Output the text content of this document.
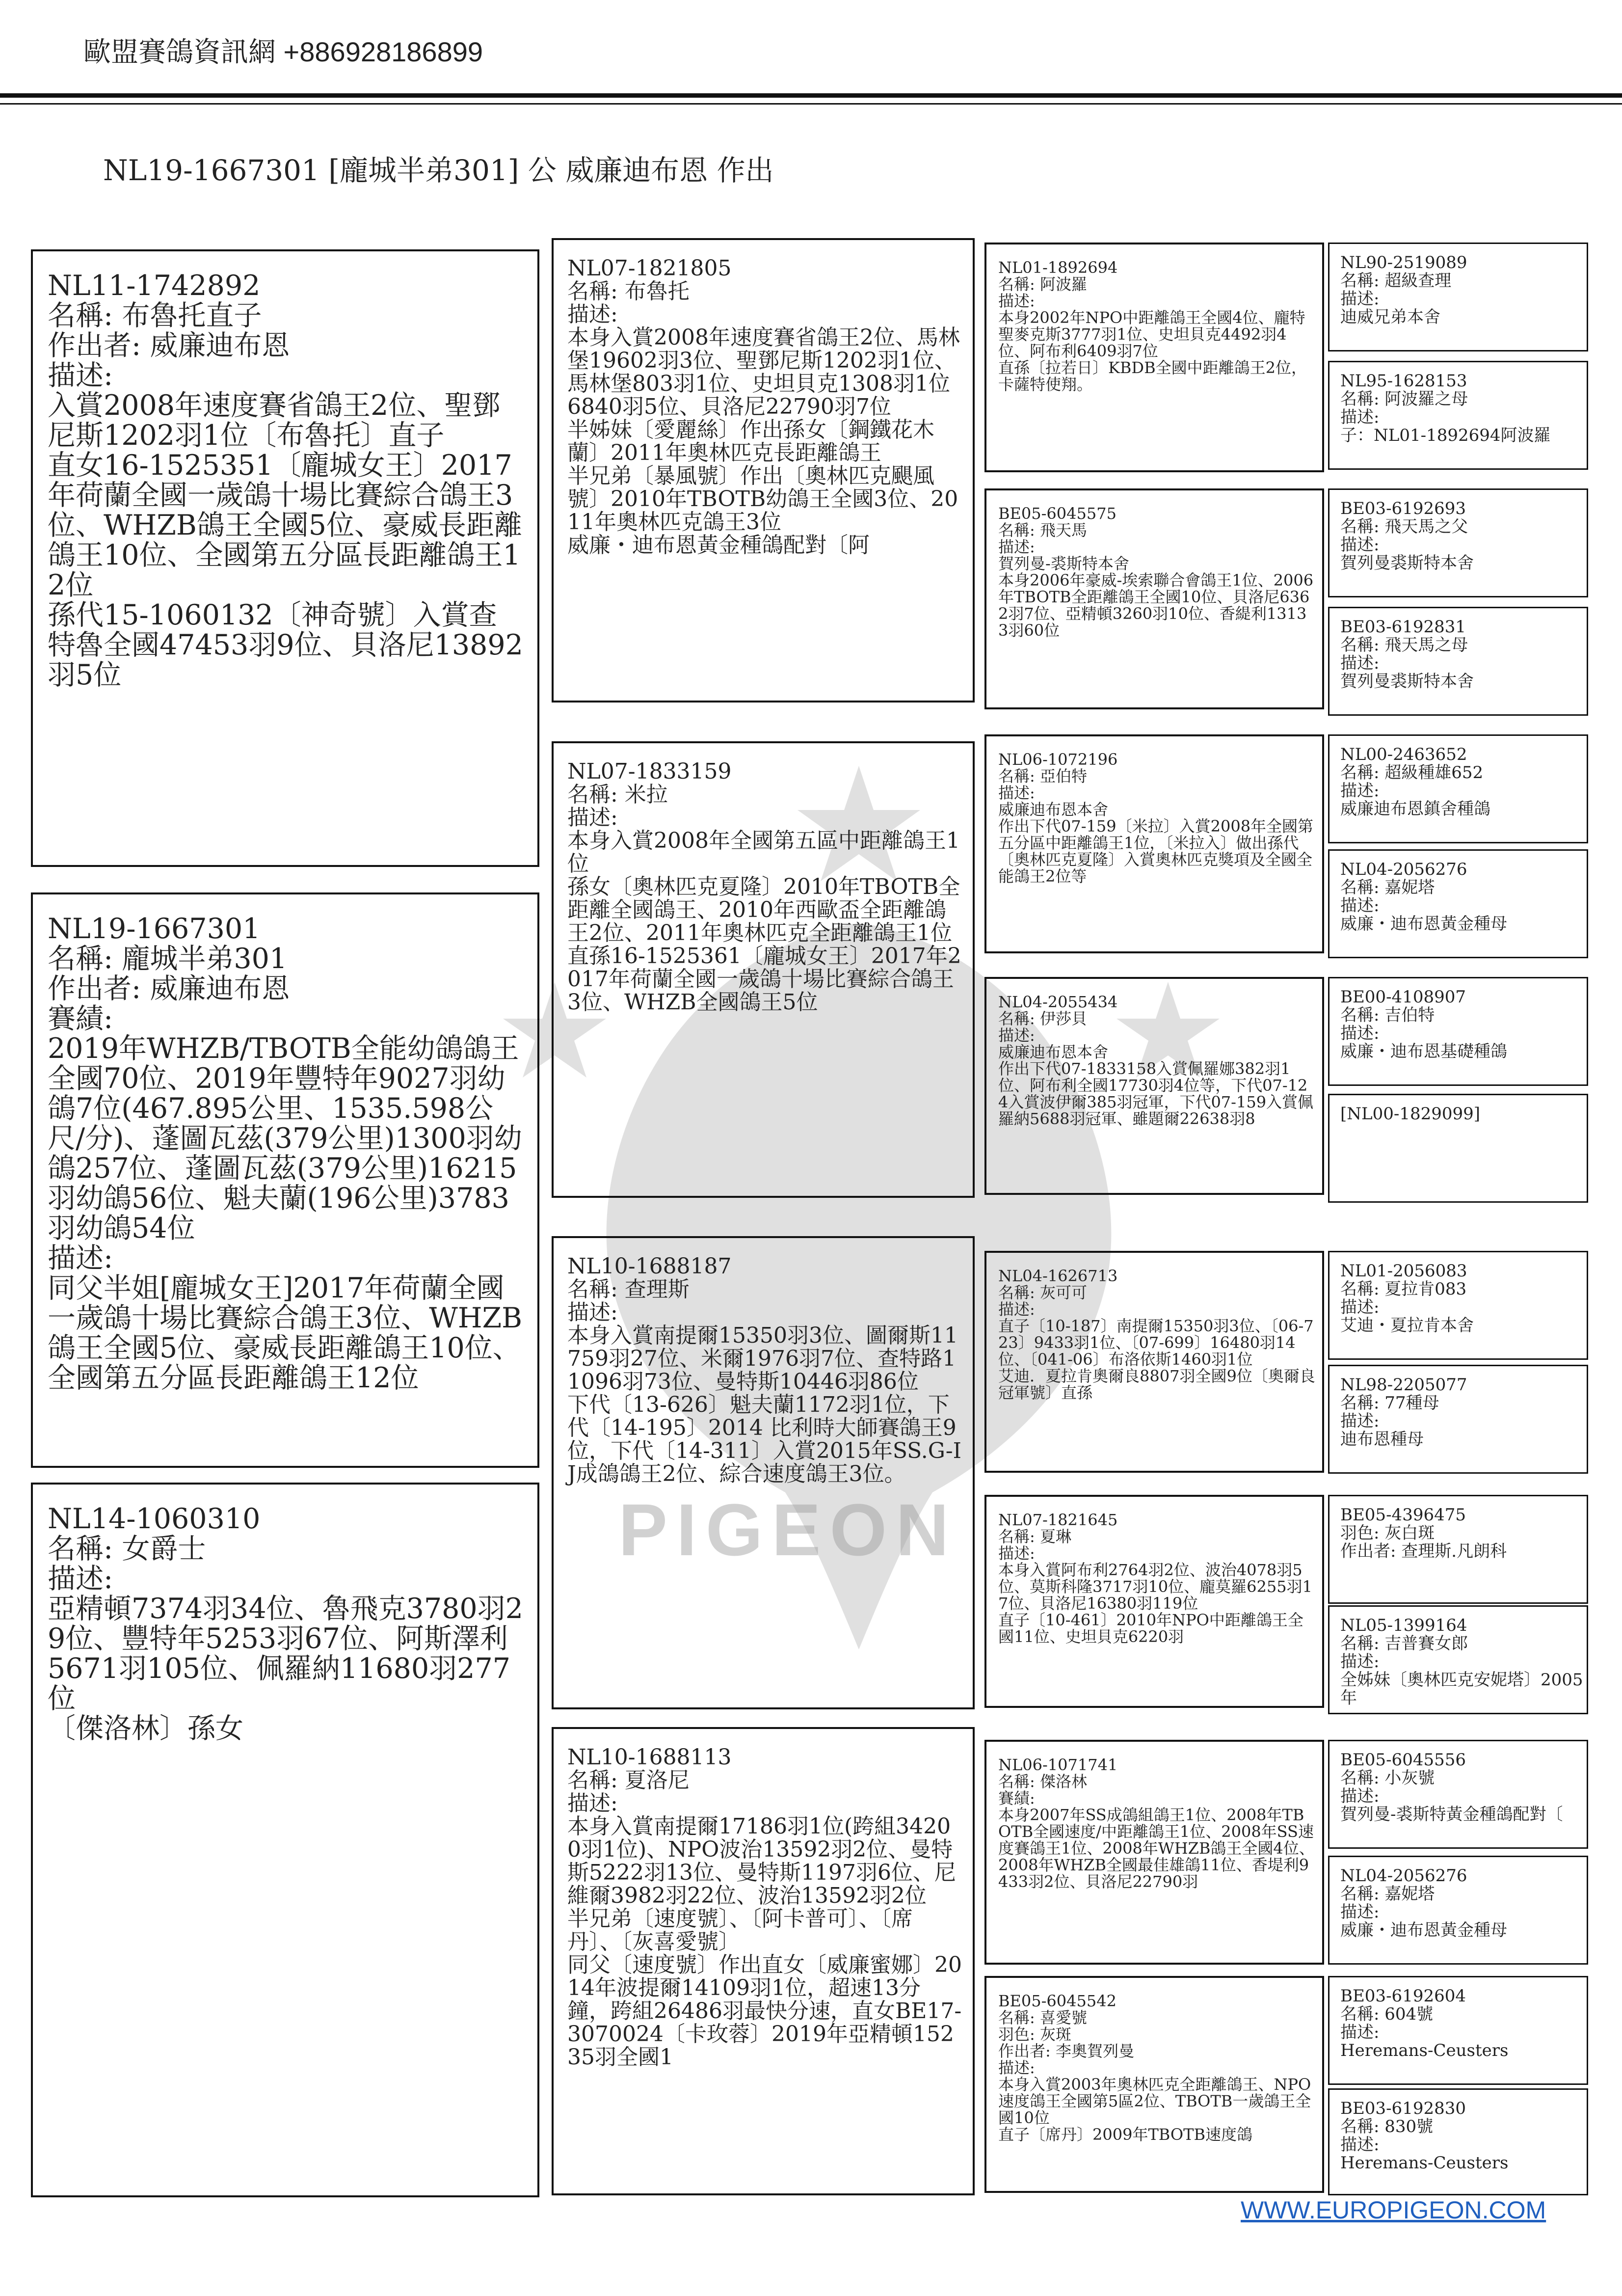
歐盟賽鴿資訊網 +886928186899
NL19-1667301 [龐城半弟301] 公 威廉迪布恩 作出
PIGEON
NL11-1742892
名稱: 布魯托直子
作出者: 威廉迪布恩
描述:
入賞2008年速度賽省鴿王2位、聖鄧尼斯1202羽1位〔布魯托〕直子
直女16-1525351〔龐城女王〕2017年荷蘭全國一歲鴿十場比賽綜合鴿王3位、WHZB鴿王全國5位、豪威長距離鴿王10位、全國第五分區長距離鴿王12位
孫代15-1060132〔神奇號〕入賞查特魯全國47453羽9位、貝洛尼13892羽5位
NL19-1667301
名稱: 龐城半弟301
作出者: 威廉迪布恩
賽績:
2019年WHZB/TBOTB全能幼鴿鴿王全國70位、2019年豐特年9027羽幼鴿7位(467.895公里、1535.598公尺/分)、蓬圖瓦茲(379公里)1300羽幼鴿257位、蓬圖瓦茲(379公里)16215羽幼鴿56位、魁夫蘭(196公里)3783羽幼鴿54位
描述:
同父半姐[龐城女王]2017年荷蘭全國一歲鴿十場比賽綜合鴿王3位、WHZB鴿王全國5位、豪威長距離鴿王10位、全國第五分區長距離鴿王12位
NL14-1060310
名稱: 女爵士
描述:
亞精頓7374羽34位、魯飛克3780羽29位、豐特年5253羽67位、阿斯澤利5671羽105位、佩羅納11680羽277位
〔傑洛林〕孫女
NL07-1821805
名稱: 布魯托
描述:
本身入賞2008年速度賽省鴿王2位、馬林堡19602羽3位、聖鄧尼斯1202羽1位、馬林堡803羽1位、史坦貝克1308羽1位6840羽5位、貝洛尼22790羽7位
半姊妹〔愛麗絲〕作出孫女〔鋼鐵花木蘭〕2011年奧林匹克長距離鴿王
半兄弟〔暴風號〕作出〔奧林匹克颶風號〕2010年TBOTB幼鴿王全國3位、2011年奧林匹克鴿王3位
威廉・迪布恩黃金種鴿配對〔阿
NL07-1833159
名稱: 米拉
描述:
本身入賞2008年全國第五區中距離鴿王1位
孫女〔奧林匹克夏隆〕2010年TBOTB全距離全國鴿王、2010年西歐盃全距離鴿王2位、2011年奧林匹克全距離鴿王1位
直孫16-1525361〔龐城女王〕2017年2017年荷蘭全國一歲鴿十場比賽綜合鴿王3位、WHZB全國鴿王5位
NL10-1688187
名稱: 查理斯
描述:
本身入賞南提爾15350羽3位、圖爾斯11759羽27位、米爾1976羽7位、查特路11096羽73位、曼特斯10446羽86位
下代〔13-626〕魁夫蘭1172羽1位，下代〔14-195〕2014 比利時大師賽鴿王9位，下代〔14-311〕入賞2015年SS.G-IJ成鴿鴿王2位、綜合速度鴿王3位。
NL10-1688113
名稱: 夏洛尼
描述:
本身入賞南提爾17186羽1位(跨組34200羽1位)、NPO波治13592羽2位、曼特斯5222羽13位、曼特斯1197羽6位、尼維爾3982羽22位、波治13592羽2位
半兄弟〔速度號〕、〔阿卡普可〕、〔席丹〕、〔灰喜愛號〕
同父〔速度號〕作出直女〔威廉蜜娜〕2014年波提爾14109羽1位，超速13分鐘，跨組26486羽最快分速，直女BE17-3070024〔卡玫蓉〕2019年亞精頓15235羽全國1
NL01-1892694
名稱: 阿波羅
描述:
本身2002年NPO中距離鴿王全國4位、龐特聖麥克斯3777羽1位、史坦貝克4492羽4位、阿布利6409羽7位
直孫〔拉若日〕KBDB全國中距離鴿王2位，卡薩特使翔。
BE05-6045575
名稱: 飛天馬
描述:
賀列曼-裘斯特本舍
本身2006年豪威-埃索聯合會鴿王1位、2006年TBOTB全距離鴿王全國10位、貝洛尼6362羽7位、亞精頓3260羽10位、香緹利13133羽60位
NL06-1072196
名稱: 亞伯特
描述:
威廉迪布恩本舍
作出下代07-159〔米拉〕入賞2008年全國第五分區中距離鴿王1位，〔米拉入〕做出孫代〔奧林匹克夏隆〕入賞奧林匹克獎項及全國全能鴿王2位等
NL04-2055434
名稱: 伊莎貝
描述:
威廉迪布恩本舍
作出下代07-1833158入賞佩羅娜382羽1位、阿布利全國17730羽4位等，下代07-124入賞波伊爾385羽冠軍，下代07-159入賞佩羅納5688羽冠軍、雖題爾22638羽8
NL04-1626713
名稱: 灰可可
描述:
直子〔10-187〕南提爾15350羽3位、〔06-723〕9433羽1位、〔07-699〕16480羽14位、〔041-06〕布洛依斯1460羽1位
艾迪．夏拉肯奧爾良8807羽全國9位〔奧爾良冠軍號〕直孫
NL07-1821645
名稱: 夏琳
描述:
本身入賞阿布利2764羽2位、波治4078羽5位、莫斯科隆3717羽10位、龐莫羅6255羽17位、貝洛尼16380羽119位
直子〔10-461〕2010年NPO中距離鴿王全國11位、史坦貝克6220羽
NL06-1071741
名稱: 傑洛林
賽績:
本身2007年SS成鴿組鴿王1位、2008年TBOTB全國速度/中距離鴿王1位、2008年SS速度賽鴿王1位、2008年WHZB鴿王全國4位、2008年WHZB全國最佳雄鴿11位、香堤利9433羽2位、貝洛尼22790羽
BE05-6045542
名稱: 喜愛號
羽色: 灰斑
作出者: 李奧賀列曼
描述:
本身入賞2003年奧林匹克全距離鴿王、NPO速度鴿王全國第5區2位、TBOTB一歲鴿王全國10位
直子〔席丹〕2009年TBOTB速度鴿
NL90-2519089
名稱: 超級查理
描述:
迪威兄弟本舍
NL95-1628153
名稱: 阿波羅之母
描述:
子：NL01-1892694阿波羅
BE03-6192693
名稱: 飛天馬之父
描述:
賀列曼裘斯特本舍
BE03-6192831
名稱: 飛天馬之母
描述:
賀列曼裘斯特本舍
NL00-2463652
名稱: 超級種雄652
描述:
威廉迪布恩鎮舍種鴿
NL04-2056276
名稱: 嘉妮塔
描述:
威廉・迪布恩黃金種母
BE00-4108907
名稱: 吉伯特
描述:
威廉・迪布恩基礎種鴿
[NL00-1829099]
NL01-2056083
名稱: 夏拉肯083
描述:
艾迪・夏拉肯本舍
NL98-2205077
名稱: 77種母
描述:
迪布恩種母
BE05-4396475
羽色: 灰白斑
作出者: 查理斯.凡朗科
NL05-1399164
名稱: 吉普賽女郎
描述:
全姊妹〔奧林匹克安妮塔〕2005年
BE05-6045556
名稱: 小灰號
描述:
賀列曼-裘斯特黃金種鴿配對〔
NL04-2056276
名稱: 嘉妮塔
描述:
威廉・迪布恩黃金種母
BE03-6192604
名稱: 604號
描述:
Heremans-Ceusters
BE03-6192830
名稱: 830號
描述:
Heremans-Ceusters
WWW.EUROPIGEON.COM
